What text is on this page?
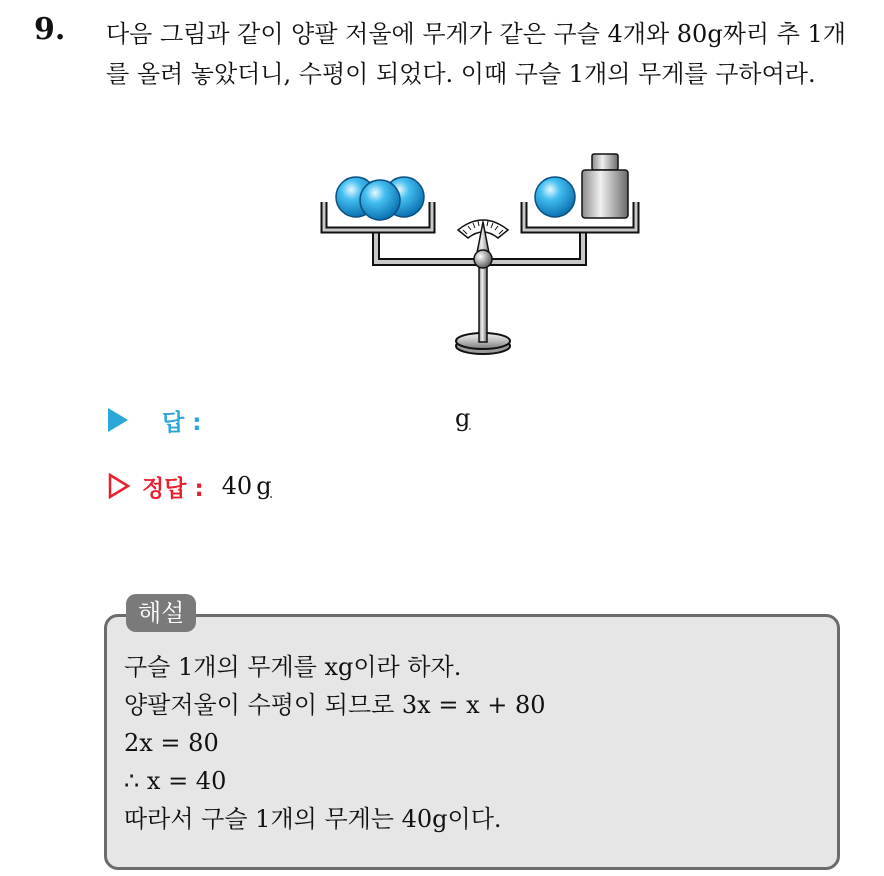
9. 다음 그림과 같이 양팔 저울에 무게가 같은 구슬 4개와 80g짜리 추 1개를 올려 놓았더니, 수평이 되었다. 이때 구슬 1개의 무게를 구하여라.
답 :	g
정답 : 40 g
해설
구슬 1개의 무게를 xg이라 하자.
양팔저울이 수평이 되므로 3x = x + 80
2x = 80
∴ x = 40
따라서 구슬 1개의 무게는 40g이다.
